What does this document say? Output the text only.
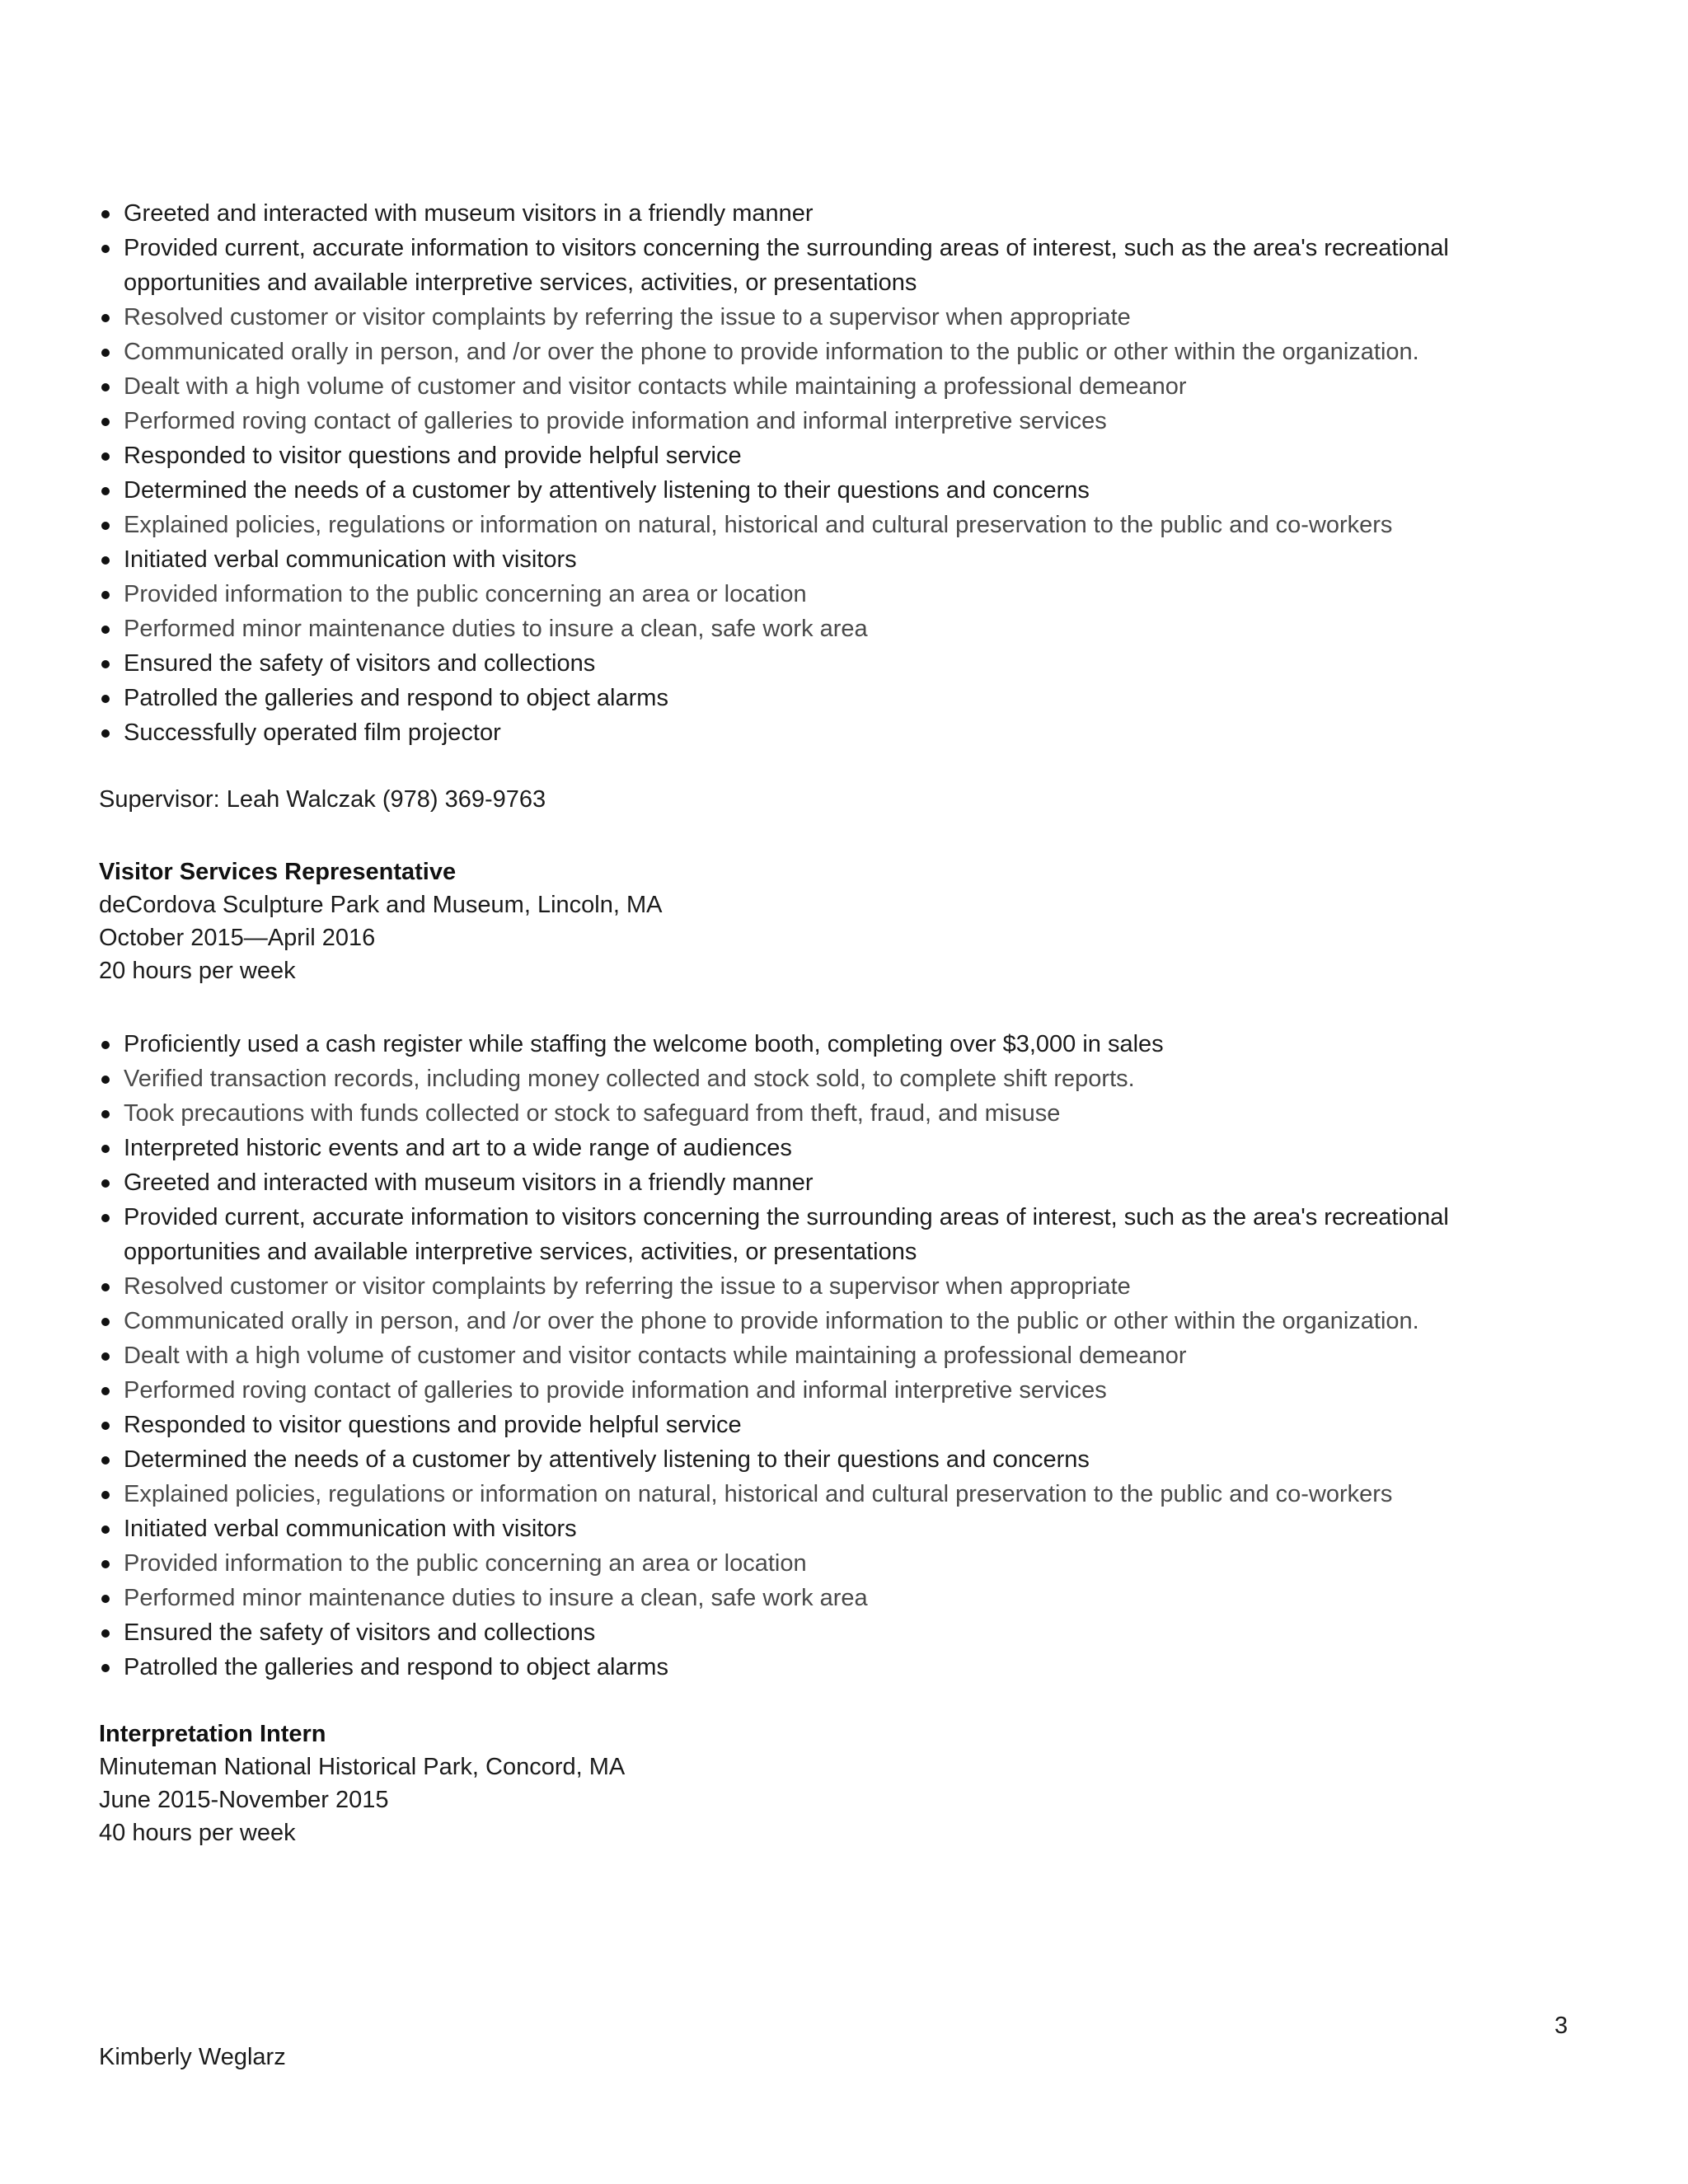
Greeted and interacted with museum visitors in a friendly manner
Provided current, accurate information to visitors concerning the surrounding areas of interest, such as the area's recreational opportunities and available interpretive services, activities, or presentations
Resolved customer or visitor complaints by referring the issue to a supervisor when appropriate
Communicated orally in person, and /or over the phone to provide information to the public or other within the organization.
Dealt with a high volume of customer and visitor contacts while maintaining a professional demeanor
Performed roving contact of galleries to provide information and informal interpretive services
Responded to visitor questions and provide helpful service
Determined the needs of a customer by attentively listening to their questions and concerns
Explained policies, regulations or information on natural, historical and cultural preservation to the public and co-workers
Initiated verbal communication with visitors
Provided information to the public concerning an area or location
Performed minor maintenance duties to insure a clean, safe work area
Ensured the safety of visitors and collections
Patrolled the galleries and respond to object alarms
Successfully operated film projector
Supervisor: Leah Walczak (978) 369-9763
Visitor Services Representative
deCordova Sculpture Park and Museum, Lincoln, MA
October 2015—April 2016
20 hours per week
Proficiently used a cash register while staffing the welcome booth, completing over $3,000 in sales
Verified transaction records, including money collected and stock sold, to complete shift reports.
Took precautions with funds collected or stock to safeguard from theft, fraud, and misuse
Interpreted historic events and art to a wide range of audiences
Greeted and interacted with museum visitors in a friendly manner
Provided current, accurate information to visitors concerning the surrounding areas of interest, such as the area's recreational opportunities and available interpretive services, activities, or presentations
Resolved customer or visitor complaints by referring the issue to a supervisor when appropriate
Communicated orally in person, and /or over the phone to provide information to the public or other within the organization.
Dealt with a high volume of customer and visitor contacts while maintaining a professional demeanor
Performed roving contact of galleries to provide information and informal interpretive services
Responded to visitor questions and provide helpful service
Determined the needs of a customer by attentively listening to their questions and concerns
Explained policies, regulations or information on natural, historical and cultural preservation to the public and co-workers
Initiated verbal communication with visitors
Provided information to the public concerning an area or location
Performed minor maintenance duties to insure a clean, safe work area
Ensured the safety of visitors and collections
Patrolled the galleries and respond to object alarms
Interpretation Intern
Minuteman National Historical Park, Concord, MA
June 2015-November 2015
40 hours per week
3
Kimberly Weglarz
